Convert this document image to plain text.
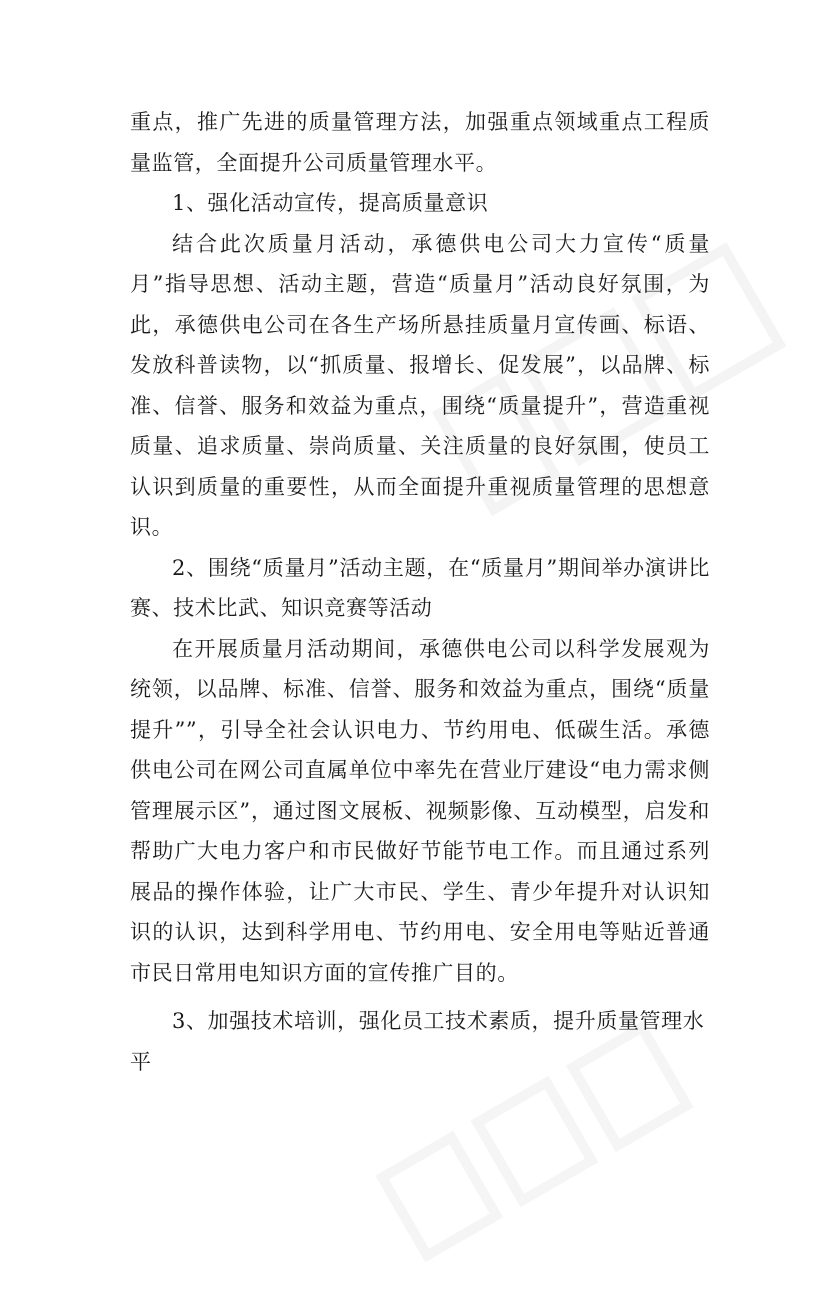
重点，推广先进的质量管理方法，加强重点领域重点工程质量监管，全面提升公司质量管理水平。

1、强化活动宣传，提高质量意识

结合此次质量月活动，承德供电公司大力宣传“质量月”指导思想、活动主题，营造“质量月”活动良好氛围，为此，承德供电公司在各生产场所悬挂质量月宣传画、标语、发放科普读物，以“抓质量、报增长、促发展”，以品牌、标准、信誉、服务和效益为重点，围绕“质量提升”，营造重视质量、追求质量、崇尚质量、关注质量的良好氛围，使员工认识到质量的重要性，从而全面提升重视质量管理的思想意识。

2、围绕“质量月”活动主题，在“质量月”期间举办演讲比赛、技术比武、知识竞赛等活动

在开展质量月活动期间，承德供电公司以科学发展观为统领，以品牌、标准、信誉、服务和效益为重点，围绕“质量提升””，引导全社会认识电力、节约用电、低碳生活。承德供电公司在网公司直属单位中率先在营业厅建设“电力需求侧管理展示区”，通过图文展板、视频影像、互动模型，启发和帮助广大电力客户和市民做好节能节电工作。而且通过系列展品的操作体验，让广大市民、学生、青少年提升对认识知识的认识，达到科学用电、节约用电、安全用电等贴近普通市民日常用电知识方面的宣传推广目的。

3、加强技术培训，强化员工技术素质，提升质量管理水平
